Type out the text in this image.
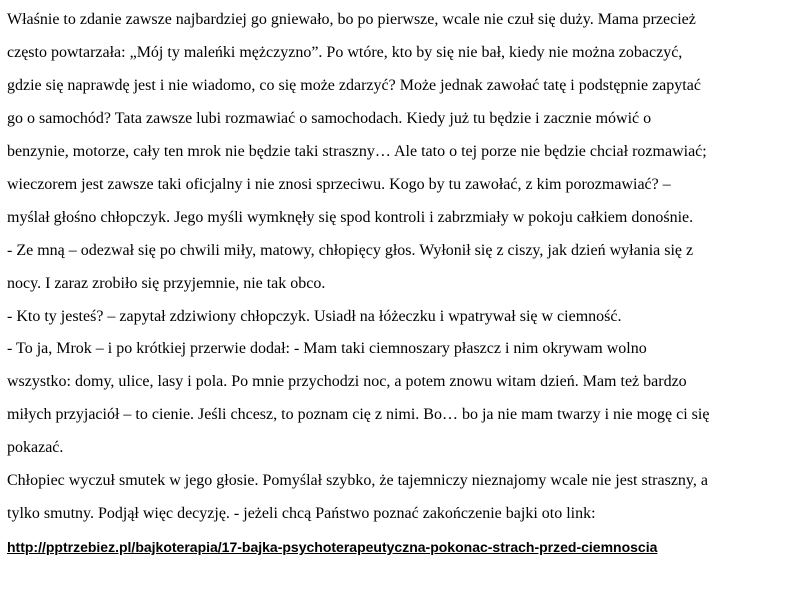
Właśnie to zdanie zawsze najbardziej go gniewało, bo po pierwsze, wcale nie czuł się duży. Mama przecież
często powtarzała: „Mój ty maleńki mężczyzno”. Po wtóre, kto by się nie bał, kiedy nie można zobaczyć,
gdzie się naprawdę jest i nie wiadomo, co się może zdarzyć? Może jednak zawołać tatę i podstępnie zapytać
go o samochód? Tata zawsze lubi rozmawiać o samochodach. Kiedy już tu będzie i zacznie mówić o
benzynie, motorze, cały ten mrok nie będzie taki straszny… Ale tato o tej porze nie będzie chciał rozmawiać;
wieczorem jest zawsze taki oficjalny i nie znosi sprzeciwu. Kogo by tu zawołać, z kim porozmawiać? –
myślał głośno chłopczyk. Jego myśli wymknęły się spod kontroli i zabrzmiały w pokoju całkiem donośnie.
- Ze mną – odezwał się po chwili miły, matowy, chłopięcy głos. Wyłonił się z ciszy, jak dzień wyłania się z
nocy. I zaraz zrobiło się przyjemnie, nie tak obco.
- Kto ty jesteś? – zapytał zdziwiony chłopczyk. Usiadł na łóżeczku i wpatrywał się w ciemność.
- To ja, Mrok – i po krótkiej przerwie dodał: - Mam taki ciemnoszary płaszcz i nim okrywam wolno
wszystko: domy, ulice, lasy i pola. Po mnie przychodzi noc, a potem znowu witam dzień. Mam też bardzo
miłych przyjaciół – to cienie. Jeśli chcesz, to poznam cię z nimi. Bo… bo ja nie mam twarzy i nie mogę ci się
pokazać.
Chłopiec wyczuł smutek w jego głosie. Pomyślał szybko, że tajemniczy nieznajomy wcale nie jest straszny, a
tylko smutny. Podjął więc decyzję. - jeżeli chcą Państwo poznać zakończenie bajki oto link:
http://pptrzebiez.pl/bajkoterapia/17-bajka-psychoterapeutyczna-pokonac-strach-przed-ciemnoscia
